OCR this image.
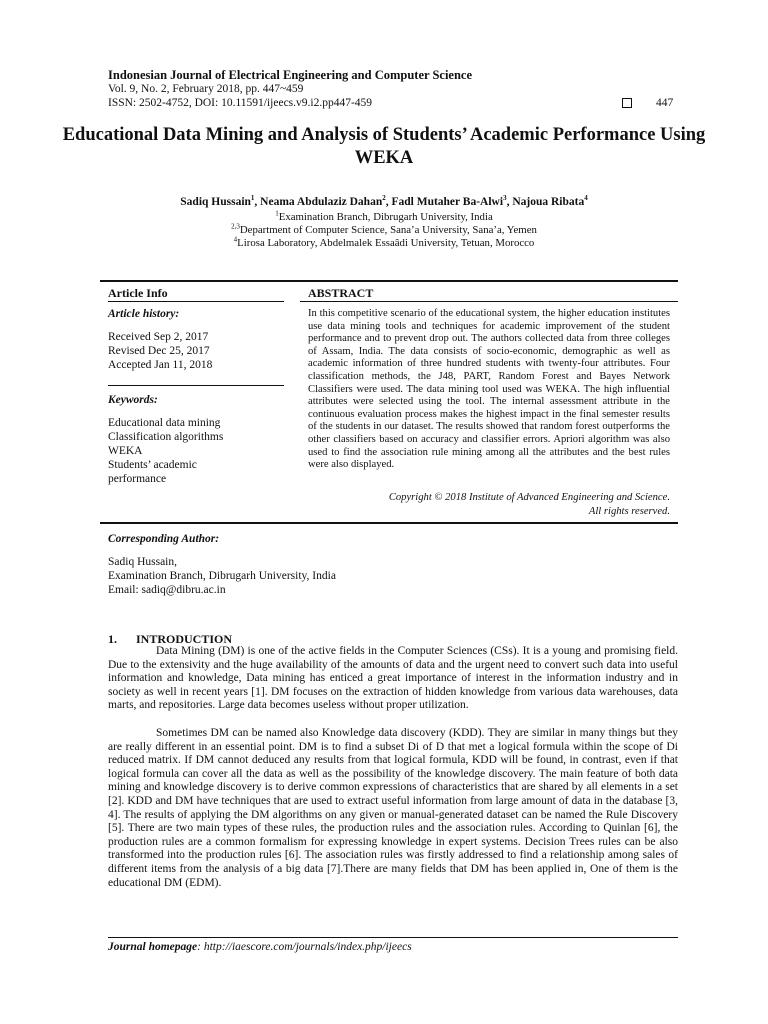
Indonesian Journal of Electrical Engineering and Computer Science
Vol. 9, No. 2, February 2018, pp. 447~459
ISSN: 2502-4752, DOI: 10.11591/ijeecs.v9.i2.pp447-459	447
Educational Data Mining and Analysis of Students’ Academic Performance Using WEKA
Sadiq Hussain$^1$, Neama Abdulaziz Dahan$^2$, Fadl Mutaher Ba-Alwi$^3$, Najoua Ribata$^4$
$^1$Examination Branch, Dibrugarh University, India
$^{2,3}$Department of Computer Science, Sana’a University, Sana’a, Yemen
$^4$Lirosa Laboratory, Abdelmalek Essaâdi University, Tetuan, Morocco
Article Info	ABSTRACT
Article history:
Received Sep 2, 2017
Revised Dec 25, 2017
Accepted Jan 11, 2018
Keywords:
Educational data mining
Classification algorithms
WEKA
Students’ academic
performance
In this competitive scenario of the educational system, the higher education institutes use data mining tools and techniques for academic improvement of the student performance and to prevent drop out. The authors collected data from three colleges of Assam, India. The data consists of socio-economic, demographic as well as academic information of three hundred students with twenty-four attributes. Four classification methods, the J48, PART, Random Forest and Bayes Network Classifiers were used. The data mining tool used was WEKA. The high influential attributes were selected using the tool. The internal assessment attribute in the continuous evaluation process makes the highest impact in the final semester results of the students in our dataset. The results showed that random forest outperforms the other classifiers based on accuracy and classifier errors. Apriori algorithm was also used to find the association rule mining among all the attributes and the best rules were also displayed.
Copyright © 2018 Institute of Advanced Engineering and Science.
All rights reserved.
Corresponding Author:
Sadiq Hussain,
Examination Branch, Dibrugarh University, India
Email: sadiq@dibru.ac.in
1. INTRODUCTION
Data Mining (DM) is one of the active fields in the Computer Sciences (CSs). It is a young and promising field. Due to the extensivity and the huge availability of the amounts of data and the urgent need to convert such data into useful information and knowledge, Data mining has enticed a great importance of interest in the information industry and in society as well in recent years [1]. DM focuses on the extraction of hidden knowledge from various data warehouses, data marts, and repositories. Large data becomes useless without proper utilization.
Sometimes DM can be named also Knowledge data discovery (KDD). They are similar in many things but they are really different in an essential point. DM is to find a subset Di of D that met a logical formula within the scope of Di reduced matrix. If DM cannot deduced any results from that logical formula, KDD will be found, in contrast, even if that logical formula can cover all the data as well as the possibility of the knowledge discovery. The main feature of both data mining and knowledge discovery is to derive common expressions of characteristics that are shared by all elements in a set [2]. KDD and DM have techniques that are used to extract useful information from large amount of data in the database [3, 4]. The results of applying the DM algorithms on any given or manual-generated dataset can be named the Rule Discovery [5]. There are two main types of these rules, the production rules and the association rules. According to Quinlan [6], the production rules are a common formalism for expressing knowledge in expert systems. Decision Trees rules can be also transformed into the production rules [6]. The association rules was firstly addressed to find a relationship among sales of different items from the analysis of a big data [7].There are many fields that DM has been applied in, One of them is the educational DM (EDM).
Journal homepage: http://iaescore.com/journals/index.php/ijeecs
